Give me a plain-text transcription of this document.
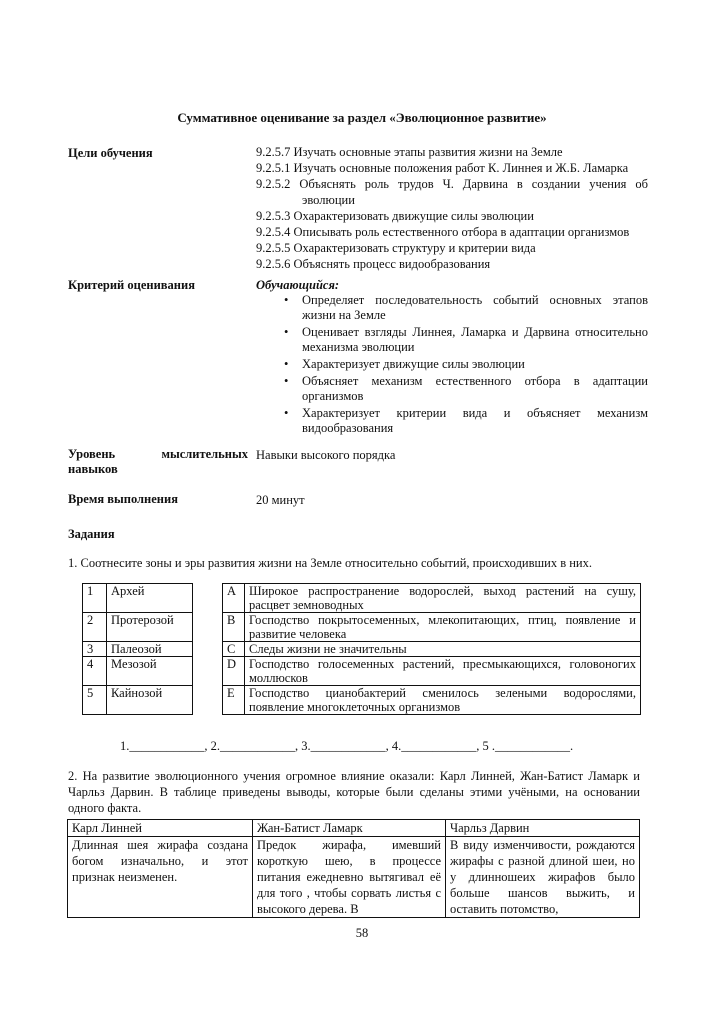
Суммативное оценивание за раздел «Эволюционное развитие»
Цели обучения	9.2.5.7 Изучать основные этапы развития жизни на Земле
9.2.5.1 Изучать основные положения работ К. Линнея и Ж.Б. Ламарка
9.2.5.2 Объяснять роль трудов Ч. Дарвина в создании учения об
эволюции
9.2.5.3 Охарактеризовать движущие силы эволюции
9.2.5.4 Описывать роль естественного отбора в адаптации организмов
9.2.5.5 Охарактеризовать структуру и критерии вида
9.2.5.6 Объяснять процесс видообразования
Критерий оценивания	Обучающийся:
• Определяет последовательность событий основных этапов
жизни на Земле
• Оценивает взгляды Линнея, Ламарка и Дарвина относительно
механизма эволюции
• Характеризует движущие силы эволюции
• Объясняет механизм естественного отбора в адаптации
организмов
• Характеризует критерии вида и объясняет механизм
видообразования
Уровень	мыслительных
навыков
Навыки высокого порядка
Время выполнения	20 минут
Задания
1. Соотнесите зоны и эры развития жизни на Земле относительно событий, происходивших в них.
1	Архей		A	Широкое распространение водорослей, выход растений на сушу, расцвет земноводных
2	Протерозой		B	Господство покрытосеменных, млекопитающих, птиц, появление и развитие человека
3	Палеозой		C	Следы жизни не значительны
4	Мезозой		D	Господство голосеменных растений, пресмыкающихся, головоногих моллюсков
5	Кайнозой		E	Господство цианобактерий сменилось зелеными водорослями, появление многоклеточных организмов
1.____________, 2.____________, 3.____________, 4.____________, 5 .____________.
2. На развитие эволюционного учения огромное влияние оказали: Карл Линней, Жан-Батист Ламарк и
Чарльз Дарвин. В таблице приведены выводы, которые были сделаны этими учёными, на основании
одного факта.
Карл Линней	Жан-Батист Ламарк	Чарльз Дарвин
Длинная шея жирафа создана богом изначально, и этот признак неизменен.	Предок жирафа, имевший короткую шею, в процессе питания ежедневно вытягивал её для того , чтобы сорвать листья с высокого дерева. В	В виду изменчивости, рождаются жирафы с разной длиной шеи, но у длинношеих жирафов было больше шансов выжить, и оставить потомство,
58
